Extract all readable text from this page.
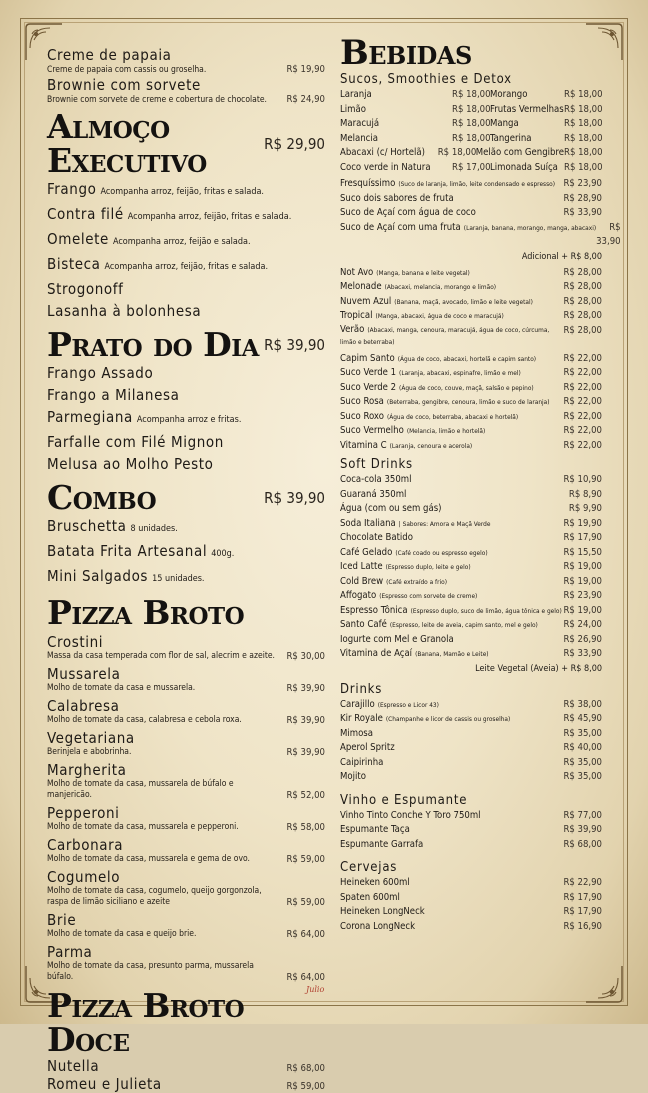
Creme de papaia
Creme de papaia com cassis ou groselha.	R$ 19,90
Brownie com sorvete
Brownie com sorvete de creme e cobertura de chocolate. R$ 24,90
Almoço Executivo	R$ 29,90
Frango Acompanha arroz, feijão, fritas e salada.
Contra filé Acompanha arroz, feijão, fritas e salada.
Omelete Acompanha arroz, feijão e salada.
Bisteca Acompanha arroz, feijão, fritas e salada.
Strogonoff
Lasanha à bolonhesa
Prato do Dia R$ 39,90
Frango Assado
Frango a Milanesa
Parmegiana Acompanha arroz e fritas.
Farfalle com Filé Mignon
Melusa ao Molho Pesto
Combo	R$ 39,90
Bruschetta 8 unidades.
Batata Frita Artesanal 400g.
Mini Salgados 15 unidades.
Pizza Broto
Crostini
Massa da casa temperada com flor de sal, alecrim e azeite. R$ 30,00
Mussarela
Molho de tomate da casa e mussarela.	R$ 39,90
Calabresa
Molho de tomate da casa, calabresa e cebola roxa.	R$ 39,90
Vegetariana
Berinjela e abobrinha.	R$ 39,90
Margherita
Molho de tomate da casa, mussarela de búfalo e manjericão.	R$ 52,00
Pepperoni
Molho de tomate da casa, mussarela e pepperoni.	R$ 58,00
Carbonara
Molho de tomate da casa, mussarela e gema de ovo.	R$ 59,00
Cogumelo
Molho de tomate da casa, cogumelo, queijo gorgonzola, raspa de limão siciliano e azeite	R$ 59,00
Brie
Molho de tomate da casa e queijo brie.	R$ 64,00
Parma
Molho de tomate da casa, presunto parma, mussarela búfalo.	R$ 64,00
Pizza Broto Doce
Nutella	R$ 68,00
Romeu e Julieta	R$ 59,00
Bebidas
Sucos, Smoothies e Detox
Laranja	R$ 18,00 Morango	R$ 18,00
Limão	R$ 18,00 Frutas Vermelhas R$ 18,00
Maracujá	R$ 18,00 Manga	R$ 18,00
Melancia	R$ 18,00 Tangerina	R$ 18,00
Abacaxi (c/ Hortelã)	R$ 18,00 Melão com Gengibre R$ 18,00
Coco verde in Natura	R$ 17,00 Limonada Suíça R$ 18,00
Fresquíssimo (Suco de laranja, limão, leite condensado e espresso) R$ 23,90
Suco dois sabores de fruta	R$ 28,90
Suco de Açaí com água de coco	R$ 33,90
Suco de Açaí com uma fruta (Laranja, banana, morango, manga, abacaxi)	R$ 33,90
Adicional + R$ 8,00
Not Avo (Manga, banana e leite vegetal)	R$ 28,00
Melonade (Abacaxi, melancia, morango e limão)	R$ 28,00
Nuvem Azul (Banana, maçã, avocado, limão e leite vegetal)	R$ 28,00
Tropical (Manga, abacaxi, água de coco e maracujá)	R$ 28,00
Verão (Abacaxi, manga, cenoura, maracujá, água de coco, cúrcuma, limão e beterraba)
R$ 28,00
Capim Santo (Água de coco, abacaxi, hortelã e capim santo)	R$ 22,00
Suco Verde 1 (Laranja, abacaxi, espinafre, limão e mel)	R$ 22,00
Suco Verde 2 (Água de coco, couve, maçã, salsão e pepino)	R$ 22,00
Suco Rosa (Beterraba, gengibre, cenoura, limão e suco de laranja)	R$ 22,00
Suco Roxo (Água de coco, beterraba, abacaxi e hortelã)	R$ 22,00
Suco Vermelho (Melancia, limão e hortelã)	R$ 22,00
Vitamina C (Laranja, cenoura e acerola)	R$ 22,00
Soft Drinks
Coca-cola 350ml	R$ 10,90
Guaraná 350ml	R$ 8,90
Água (com ou sem gás)	R$ 9,90
Soda Italiana | Sabores: Amora e Maçã Verde	R$ 19,90
Chocolate Batido	R$ 17,90
Café Gelado (Café coado ou espresso egelo)	R$ 15,50
Iced Latte (Espresso duplo, leite e gelo)	R$ 19,00
Cold Brew (Café extraído a frio)	R$ 19,00
Affogato (Espresso com sorvete de creme)	R$ 23,90
Espresso Tônica (Espresso duplo, suco de limão, água tônica e gelo) R$ 19,00
Santo Café (Espresso, leite de aveia, capim santo, mel e gelo)	R$ 24,00
Iogurte com Mel e Granola	R$ 26,90
Vitamina de Açaí (Banana, Mamão e Leite)	R$ 33,90
Leite Vegetal (Aveia) + R$ 8,00
Drinks
Carajillo (Espresso e Licor 43)	R$ 38,00
Kir Royale (Champanhe e licor de cassis ou groselha)	R$ 45,90
Mimosa	R$ 35,00
Aperol Spritz	R$ 40,00
Caipirinha	R$ 35,00
Mojito	R$ 35,00
Vinho e Espumante
Vinho Tinto Conche Y Toro 750ml	R$ 77,00
Espumante Taça	R$ 39,90
Espumante Garrafa	R$ 68,00
Cervejas
Heineken 600ml	R$ 22,90
Spaten 600ml	R$ 17,90
Heineken LongNeck	R$ 17,90
Corona LongNeck	R$ 16,90
Julio
